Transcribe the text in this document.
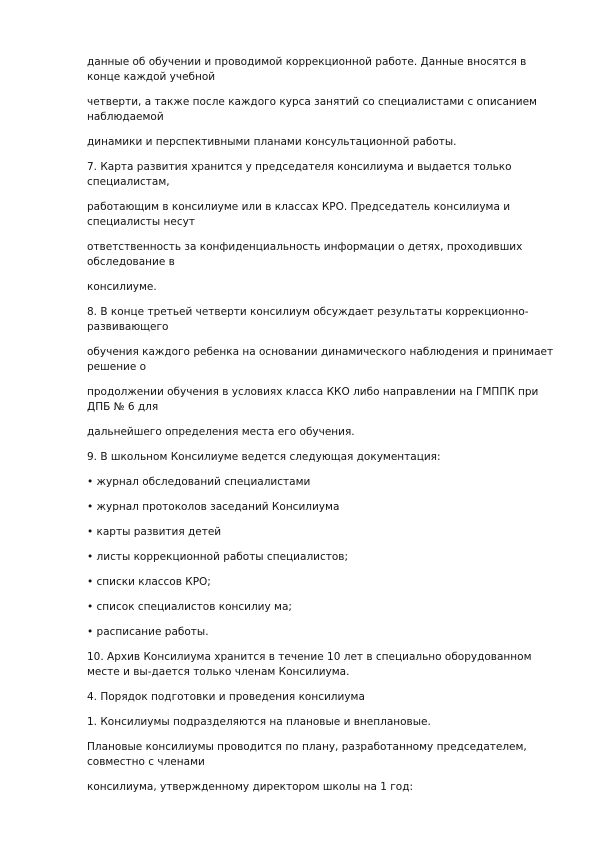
данные об обучении и проводимой коррекционной работе. Данные вносятся в конце каждой учебной

четверти, а также после каждого курса занятий со специалистами с описанием наблюдаемой

динамики и перспективными планами консультационной работы.

7. Карта развития хранится у председателя консилиума и выдается только специалистам,

работающим в консилиуме или в классах КРО. Председатель консилиума и специалисты несут

ответственность за конфиденциальность информации о детях, проходивших обследование в

консилиуме.

8. В конце третьей четверти консилиум обсуждает результаты коррекционно-развивающего

обучения каждого ребенка на основании динамического наблюдения и принимает решение о

продолжении обучения в условиях класса ККО либо направлении на ГМППК при ДПБ № 6 для

дальнейшего определения места его обучения.

9. В школьном Консилиуме ведется следующая документация:

• журнал обследований специалистами

• журнал протоколов заседаний Консилиума

• карты развития детей

• листы коррекционной работы специалистов;

• списки классов КРО;

• список специалистов консилиу ма;

• расписание работы.

10. Архив Консилиума хранится в течение 10 лет в специально оборудованном месте и вы-дается только членам Консилиума.

4. Порядок подготовки и проведения консилиума

1. Консилиумы подразделяются на плановые и внеплановые.

Плановые консилиумы проводится по плану, разработанному председателем, совместно с членами

консилиума, утвержденному директором школы на 1 год:
